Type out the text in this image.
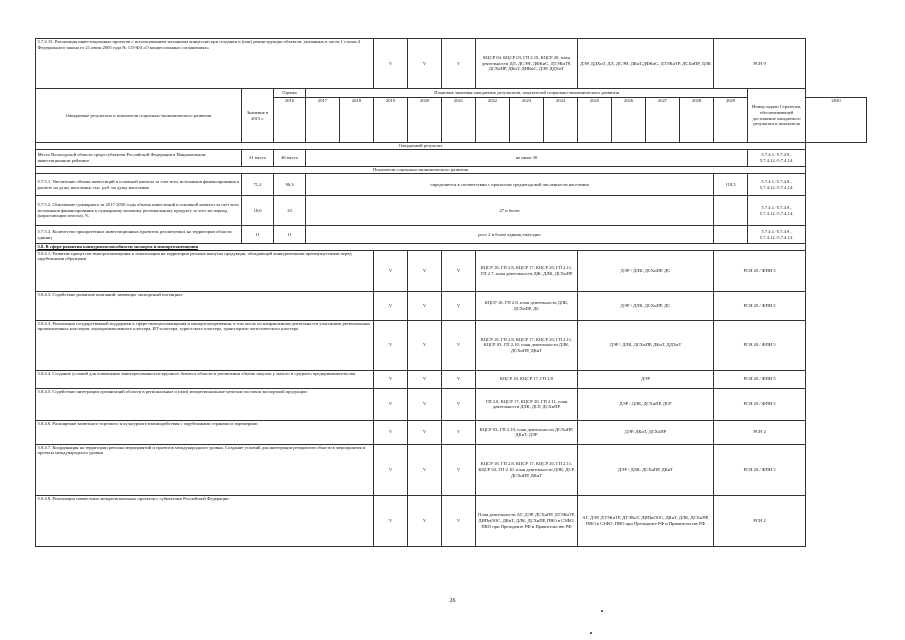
5.7.4.15. Реализация инвестиционных проектов с использованием механизма концессии при создании и (или) реконструкции объектов, указанных в части 1 статьи 4 Федерального закона от 21 июля 2005 года № 115-ФЗ «О концессионных соглашениях»					V	V	V	КЦСР 04, КЦСР 03, ГП 2.10, КЦСР 20, план деятельности ДЛ, ДСЭН, ДФКиС, ДТЭКиТР, ДСХиПР, ДКиТ, ДИКиС, ДЭР, ДДХиТ			ДЭР, ДДХиТ, ДЛ, ДСЭН, ДКиТ,ДФКиС, ДТЭКиТР, ДСХиПР, ДЛК				РСН 9		
Ожидаемые результаты и показатели социально-экономического развития	Значение в 2015 г.	Оценка	Плановые значения ожидаемых результатов, показателей социально-экономического развития													Номер задачи Стратегии, обеспечивающей достижение ожидаемого результата и показателя	
		2016	2017	2018	2019	2020	2021	2022	2023	2024	2025	2026	2027	2028	2029		2030
Ожидаемый результат																	
Место Вологодской области среди субъектов Российской Федерации в Национальном инвестиционном рейтинге	31 место	48 место	не ниже 30													5.7.4.1.-5.7.4.9., 5.7.4.12.-5.7.4.14.	
Показатели социально-экономического развития																	
5.7.5.1. Увеличение объема инвестиций в основной капитал за счет всех источников финансирования в расчете на душу населения, тыс. руб. на душу населения	71,2	96,3	определяется в соответствии с прогнозом среднегодовой численности населения												118,3	5.7.4.1.-5.7.4.9., 5.7.4.12.-5.7.4.14.	
5.7.5.2. Отношение суммарного за 2017-2030 годы объема инвестиций в основной капитал за счет всех источников финансирования к суммарному валовому региональному продукту за этот же период (нарастающим итогом), %	18,6	23	27 и более													5.7.4.1.-5.7.4.9., 5.7.4.12.-5.7.4.14.	
5.7.5.3. Количество приоритетных инвестиционных проектов, реализуемых на территории области, единиц	11	11	рост 2 и более единиц ежегодно													5.7.4.1.-5.7.4.9., 5.7.4.12.-5.7.4.13.	
5.8. В сфере развития конкурентоспособности экспорта и импортозамещения																	
5.8.4.1. Развитие процессов импортозамещения и локализация на территории региона выпуска продукции, обладающей конкурентными преимуществами перед зарубежными образцами					V	V	V	КЦСР 18, ГП 2.8, КЦСР 17, КЦСР 20, ГП 2.11, ГП 2.7, план деятельности ДЖ, ДЛК, ДСХиПР			ДЭР / ДЛК, ДСХиПР, ДС				РСН 20 / ФПН 5		
5.8.4.3. Содействие развитию компаний, имеющих экспортный потенциал					V	V	V	КЦСР 18, ГП 2.8, план деятельности ДЛК, ДСХиПР, ДС			ДЭР / ДЛК, ДСХиПР, ДС				РСН 20 / ФПН 5		
5.8.4.3. Реализация государственной поддержки в сфере импортозамещения и импортоопережения, в том числе по направлениям деятельности участников региональных промышленных кластеров, агропромышленного кластера, ИТ-кластера, туристского кластера, транспортно-логистического кластера					V	V	V	КЦСР 18, ГП 2.8, КЦСР 17, КЦСР 20, ГП 2.11, КЦСР 03, ГП 2.10, план деятельности ДЛК, ДСХиПР, ДКиТ			ДЭР / ДЛК, ДСХиПР, ДКиТ, ДДХиТ				РСН 20 / ФПН 5		
5.8.4.4. Создание условий для повышения заинтересованности крупного бизнеса области в увеличении объема закупок у малого и среднего предпринимательства					V	V	V	КЦСР 18, КЦСР 17, ГП 2.8			ДЭР				РСН 20 / ФПН 5		
5.8.4.5. Содействие интеграции организаций области в региональные и (или) межрегиональные цепочки поставок экспортной продукции					V	V	V	ГП 2.8, КЦСР 17, КЦСР 20, ГП 2.11, план деятельности ДЛК, ДСР, ДСХиПР			ДЭР / ДЛК, ДСХиПР, ДСР				РСН 20 / ФПН 5		
5.8.4.6. Расширение валютного торгового и культурного взаимодействия с зарубежными странами и партнерами					V	V	V	КЦСР 03, ГП 2.10, план деятельности ДСХиПР, ДКиТ, ДЭР			ДЭР, ДКиТ, ДСХиПР				РСН 2		
5.8.4.7. Координация на территории региона мероприятий и проектов международного уровня. Создание условий для интеграции резидентов области в мероприятия и проекты международного уровня					V	V	V	КЦСР 18, ГП 2.8, КЦСР 17, КЦСР 20, ГП 2.11, КЦСР 03, ГП 2.10, план деятельности ДЛК, ДСР, ДСХиПР, ДКиТ			ДЭР / ДЛК, ДСХиПР, ДКиТ				РСН 20 / ФПН 5		
5.8.4.8. Реализация совместных межрегиональных проектов с субъектами Российской Федерации					V	V	V	План деятельности АГ, ДЭР, ДСХиПР, ДТЭКиТР, ДИПиООС, ДКиТ, ДЛК, ДСХиПР, ПВО в СЗФО, ПВО при Президенте РФ и Правительстве РФ			АГ, ДЭР, ДТЭКиТР, ДТЭКиТ, ДИПиООС, ДКиТ, ДЛК, ДСХиПР, ПВО в СЗФО, ПВО при Президенте РФ и Правительстве РФ				РСН 2		
26
